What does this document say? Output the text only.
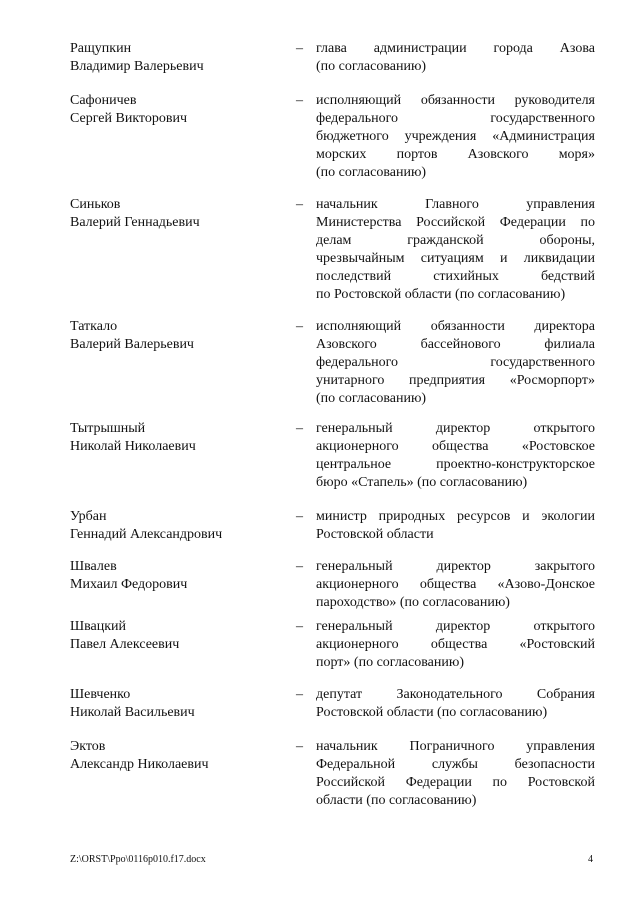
Ращупкин
Владимир Валерьевич
– глава администрации города Азова
(по согласованию)
Сафоничев
Сергей Викторович
– исполняющий обязанности руководителя
федерального государственного
бюджетного учреждения «Администрация
морских портов Азовского моря»
(по согласованию)
Синьков
Валерий Геннадьевич
– начальник Главного управления
Министерства Российской Федерации по
делам гражданской обороны,
чрезвычайным ситуациям и ликвидации
последствий стихийных бедствий
по Ростовской области (по согласованию)
Таткало
Валерий Валерьевич
– исполняющий обязанности директора
Азовского бассейнового филиала
федерального государственного
унитарного предприятия «Росморпорт»
(по согласованию)
Тытрышный
Николай Николаевич
– генеральный директор открытого
акционерного общества «Ростовское
центральное проектно-конструкторское
бюро «Стапель» (по согласованию)
Урбан
Геннадий Александрович
– министр природных ресурсов и экологии
Ростовской области
Швалев
Михаил Федорович
– генеральный директор закрытого
акционерного общества «Азово-Донское
пароходство» (по согласованию)
Швацкий
Павел Алексеевич
– генеральный директор открытого
акционерного общества «Ростовский
порт» (по согласованию)
Шевченко
Николай Васильевич
– депутат Законодательного Собрания
Ростовской области (по согласованию)
Эктов
Александр Николаевич
– начальник Пограничного управления
Федеральной службы безопасности
Российской Федерации по Ростовской
области (по согласованию)
Z:\ORST\Ppo\0116p010.f17.docx	4
